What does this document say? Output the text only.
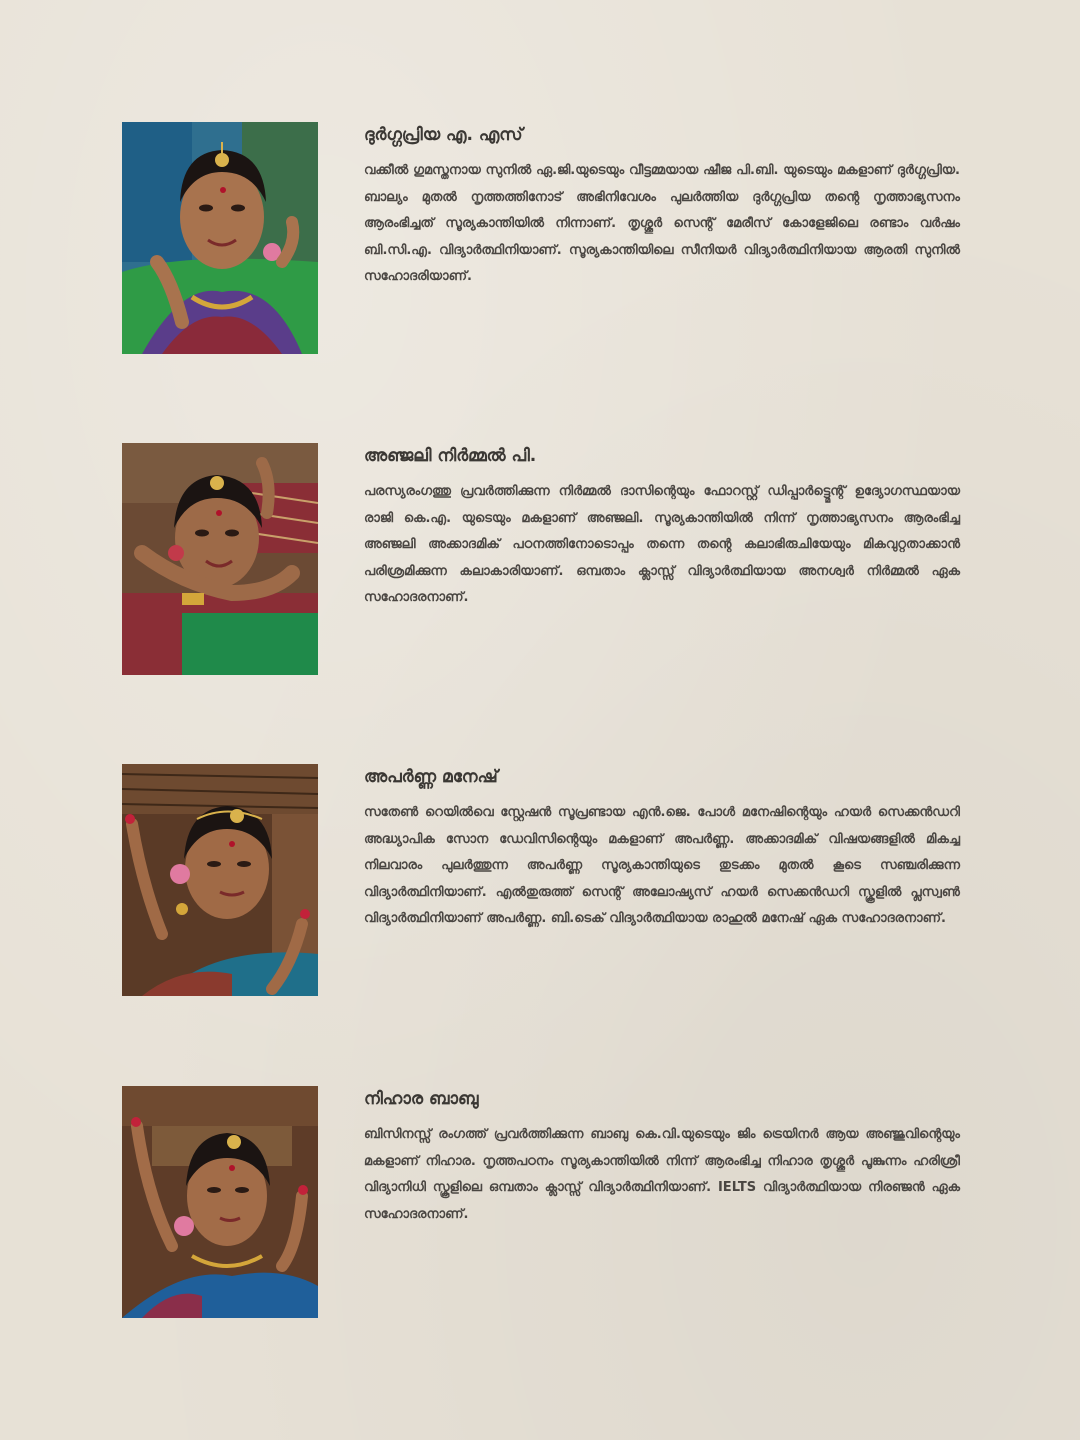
ദുർഗ്ഗപ്രിയ എ. എസ്

വക്കീൽ ഗുമസ്തനായ സുനിൽ ഏ.ജി.യുടെയും വീട്ടമ്മയായ ഷീജ പി.ബി. യുടെയും മകളാണ് ദുർഗ്ഗപ്രിയ. ബാല്യം മുതൽ നൃത്തത്തിനോട് അഭിനിവേശം പുലർത്തിയ ദുർഗ്ഗപ്രിയ തന്റെ നൃത്താഭ്യസനം ആരംഭിച്ചത് സൂര്യകാന്തിയിൽ നിന്നാണ്. തൃശ്ശൂർ സെന്റ് മേരീസ് കോളേജിലെ രണ്ടാം വർഷം ബി.സി.എ. വിദ്യാർത്ഥിനിയാണ്. സൂര്യകാന്തിയിലെ സീനിയർ വിദ്യാർത്ഥിനിയായ ആരതി സുനിൽ സഹോദരിയാണ്.

അഞ്ജലി നിർമ്മൽ പി.

പരസ്യരംഗത്തു പ്രവർത്തിക്കുന്ന നിർമ്മൽ ദാസിന്റെയും ഫോറസ്റ്റ് ഡിപ്പാർട്ട്മെന്റ് ഉദ്യോഗസ്ഥയായ രാജി കെ.എ. യുടെയും മകളാണ് അഞ്ജലി. സൂര്യകാന്തിയിൽ നിന്ന് നൃത്താഭ്യസനം ആരംഭിച്ച അഞ്ജലി അക്കാദമിക് പഠനത്തിനോടൊപ്പം തന്നെ തന്റെ കലാഭിരുചിയേയും മികവുറ്റതാക്കാൻ പരിശ്രമിക്കുന്ന കലാകാരിയാണ്. ഒമ്പതാം ക്ലാസ്സ് വിദ്യാർത്ഥിയായ അനശ്വർ നിർമ്മൽ ഏക സഹോദരനാണ്.

അപർണ്ണ മനേഷ്

സതേൺ റെയിൽവെ സ്റ്റേഷൻ സൂപ്രണ്ടായ എൻ.ജെ. പോൾ മനേഷിന്റെയും ഹയർ സെക്കൻഡറി അദ്ധ്യാപിക സോന ഡേവിസിന്റെയും മകളാണ് അപർണ്ണ. അക്കാദമിക് വിഷയങ്ങളിൽ മികച്ച നിലവാരം പുലർത്തുന്ന അപർണ്ണ സൂര്യകാന്തിയുടെ തുടക്കം മുതൽ കൂടെ സഞ്ചരിക്കുന്ന വിദ്യാർത്ഥിനിയാണ്. എൽതുരുത്ത് സെന്റ് അലോഷ്യസ് ഹയർ സെക്കൻഡറി സ്കൂളിൽ പ്ലസ്വൺ വിദ്യാർത്ഥിനിയാണ് അപർണ്ണ. ബി.ടെക് വിദ്യാർത്ഥിയായ രാഹുൽ മനേഷ് ഏക സഹോദരനാണ്.

നിഹാര ബാബു

ബിസിനസ്സ് രംഗത്ത് പ്രവർത്തിക്കുന്ന ബാബു കെ.വി.യുടെയും ജിം ട്രെയിനർ ആയ അഞ്ജുവിന്റെയും മകളാണ് നിഹാര. നൃത്തപഠനം സൂര്യകാന്തിയിൽ നിന്ന് ആരംഭിച്ച നിഹാര തൃശ്ശൂർ പൂങ്കുന്നം ഹരിശ്രീ വിദ്യാനിധി സ്കൂളിലെ ഒമ്പതാം ക്ലാസ്സ് വിദ്യാർത്ഥിനിയാണ്. IELTS വിദ്യാർത്ഥിയായ നിരഞ്ജൻ ഏക സഹോദരനാണ്.
